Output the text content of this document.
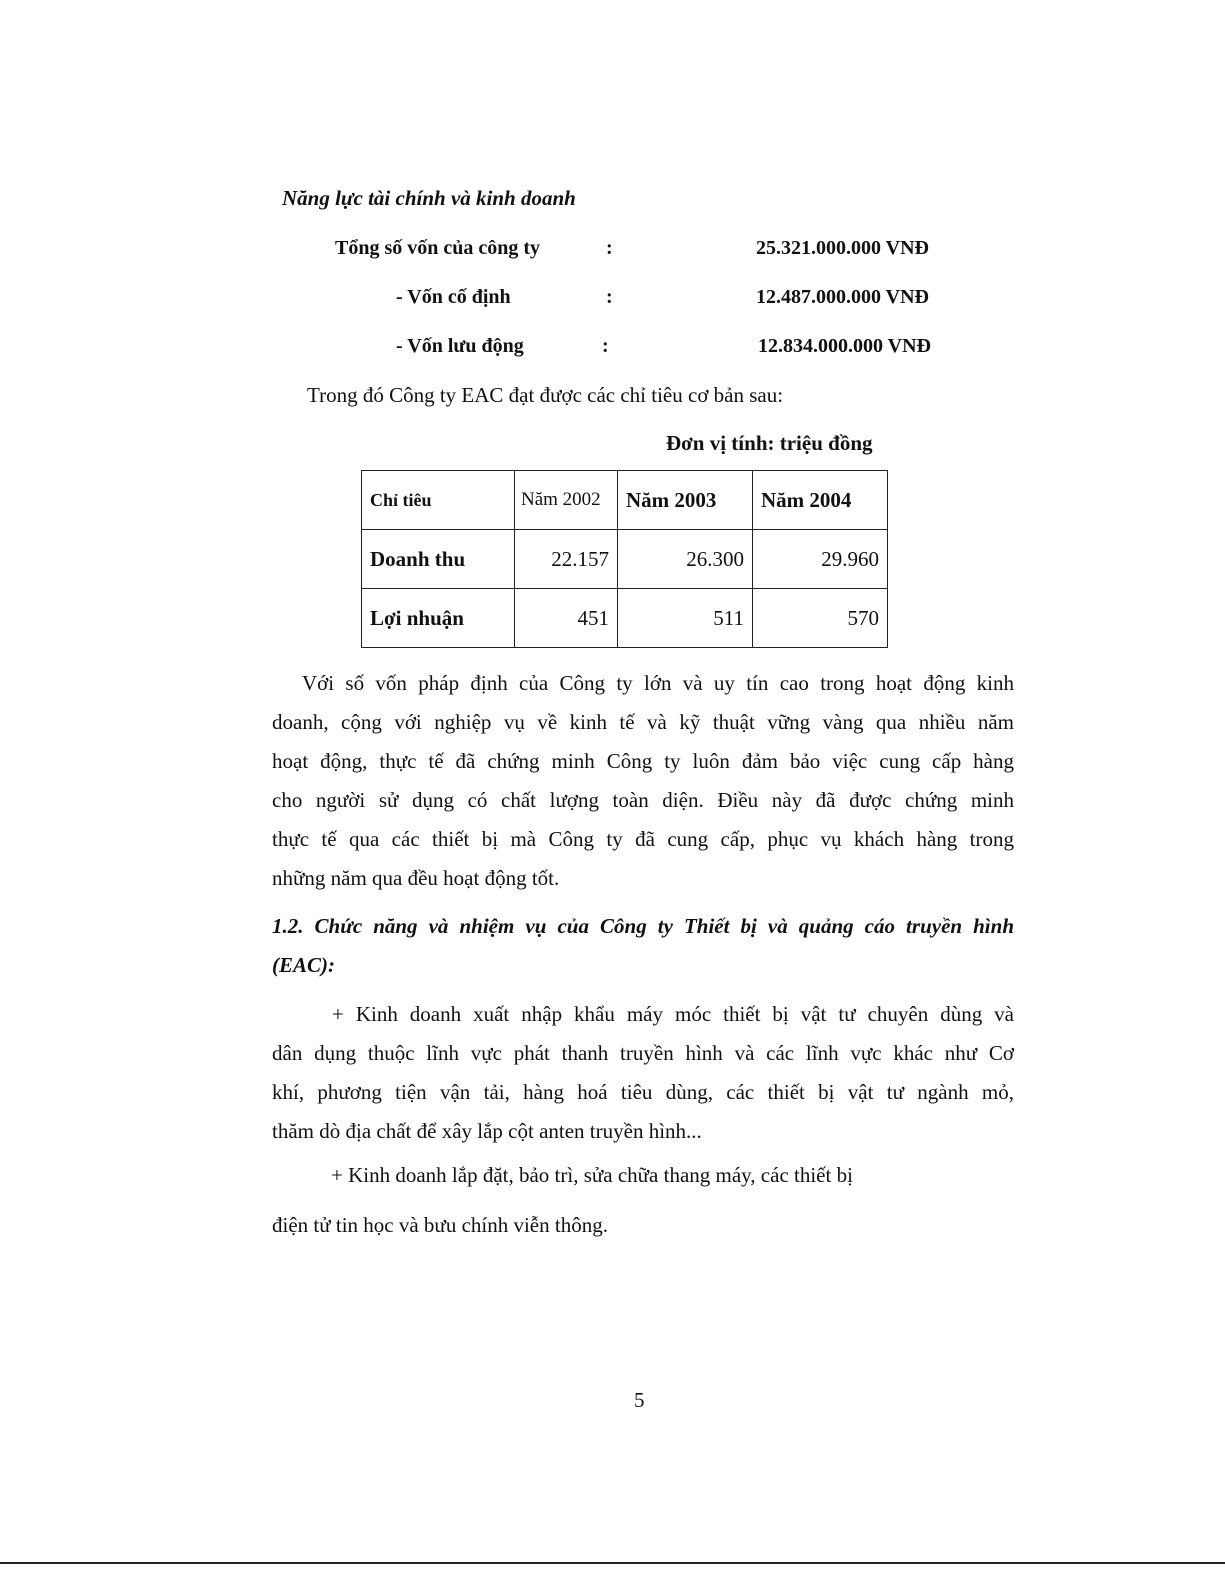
Năng lực tài chính và kinh doanh
Tổng số vốn của công ty	:	25.321.000.000 VNĐ
- Vốn cố định	:	12.487.000.000 VNĐ
- Vốn lưu động	:	12.834.000.000 VNĐ
Trong đó Công ty EAC đạt được các chỉ tiêu cơ bản sau:
Đơn vị tính: triệu đồng
Chỉ tiêu	Năm 2002	Năm 2003	Năm 2004
Doanh thu	22.157	26.300	29.960
Lợi nhuận	451	511	570
Với số vốn pháp định của Công ty lớn và uy tín cao trong hoạt động kinh
doanh, cộng với nghiệp vụ về kinh tế và kỹ thuật vững vàng qua nhiều năm
hoạt động, thực tế đã chứng minh Công ty luôn đảm bảo việc cung cấp hàng
cho người sử dụng có chất lượng toàn diện. Điều này đã được chứng minh
thực tế qua các thiết bị mà Công ty đã cung cấp, phục vụ khách hàng trong
những năm qua đều hoạt động tốt.
1.2. Chức năng và nhiệm vụ của Công ty Thiết bị và quảng cáo truyền hình
(EAC):
+ Kinh doanh xuất nhập khẩu máy móc thiết bị vật tư chuyên dùng và
dân dụng thuộc lĩnh vực phát thanh truyền hình và các lĩnh vực khác như Cơ
khí, phương tiện vận tải, hàng hoá tiêu dùng, các thiết bị vật tư ngành mỏ,
thăm dò địa chất để xây lắp cột anten truyền hình...
+ Kinh doanh lắp đặt, bảo trì, sửa chữa thang máy, các thiết bị
điện tử tin học và bưu chính viễn thông.
5
